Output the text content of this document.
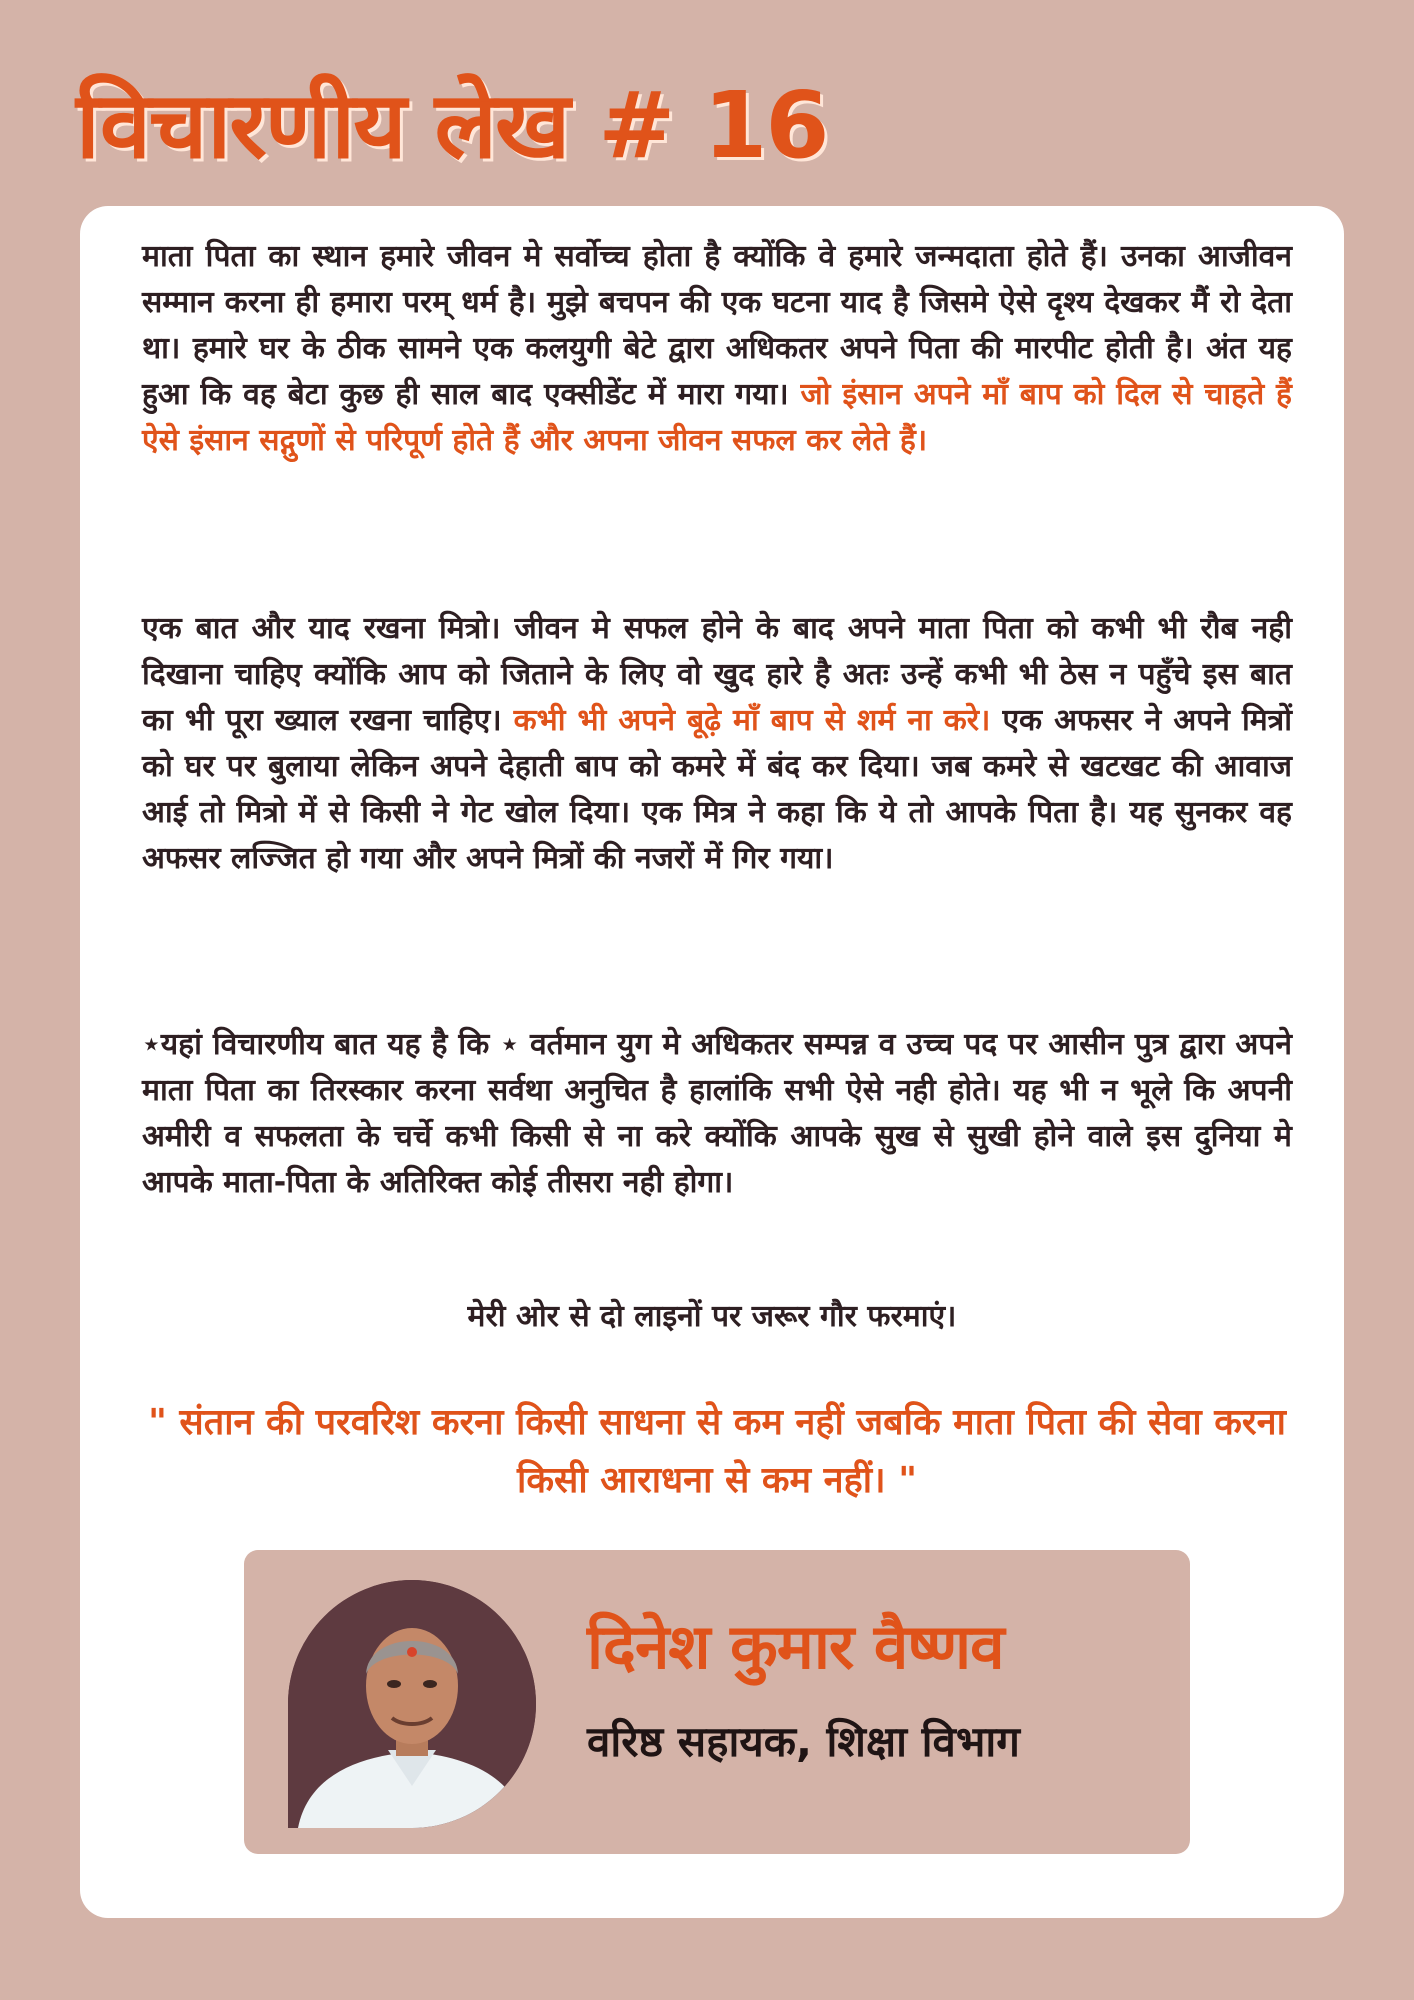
विचारणीय लेख # 16

माता पिता का स्थान हमारे जीवन मे सर्वोच्च होता है क्योंकि वे हमारे जन्मदाता होते हैं। उनका आजीवन सम्मान करना ही हमारा परम् धर्म है। मुझे बचपन की एक घटना याद है जिसमे ऐसे दृश्य देखकर मैं रो देता था। हमारे घर के ठीक सामने एक कलयुगी बेटे द्वारा अधिकतर अपने पिता की मारपीट होती है। अंत यह हुआ कि वह बेटा कुछ ही साल बाद एक्सीडेंट में मारा गया। जो इंसान अपने माँ बाप को दिल से चाहते हैं ऐसे इंसान सद्गुणों से परिपूर्ण होते हैं और अपना जीवन सफल कर लेते हैं।

एक बात और याद रखना मित्रो। जीवन मे सफल होने के बाद अपने माता पिता को कभी भी रौब नही दिखाना चाहिए क्योंकि आप को जिताने के लिए वो खुद हारे है अतः उन्हें कभी भी ठेस न पहुँचे इस बात का भी पूरा ख्याल रखना चाहिए। कभी भी अपने बूढ़े माँ बाप से शर्म ना करे। एक अफसर ने अपने मित्रों को घर पर बुलाया लेकिन अपने देहाती बाप को कमरे में बंद कर दिया। जब कमरे से खटखट की आवाज आई तो मित्रो में से किसी ने गेट खोल दिया। एक मित्र ने कहा कि ये तो आपके पिता है। यह सुनकर वह अफसर लज्जित हो गया और अपने मित्रों की नजरों में गिर गया।

⋆यहां विचारणीय बात यह है कि ⋆ वर्तमान युग मे अधिकतर सम्पन्न व उच्च पद पर आसीन पुत्र द्वारा अपने माता पिता का तिरस्कार करना सर्वथा अनुचित है हालांकि सभी ऐसे नही होते। यह भी न भूले कि अपनी अमीरी व सफलता के चर्चे कभी किसी से ना करे क्योंकि आपके सुख से सुखी होने वाले इस दुनिया मे आपके माता-पिता के अतिरिक्त कोई तीसरा नही होगा।

मेरी ओर से दो लाइनों पर जरूर गौर फरमाएं।

" संतान की परवरिश करना किसी साधना से कम नहीं जबकि माता पिता की सेवा करना किसी आराधना से कम नहीं। "

दिनेश कुमार वैष्णव

वरिष्ठ सहायक, शिक्षा विभाग
